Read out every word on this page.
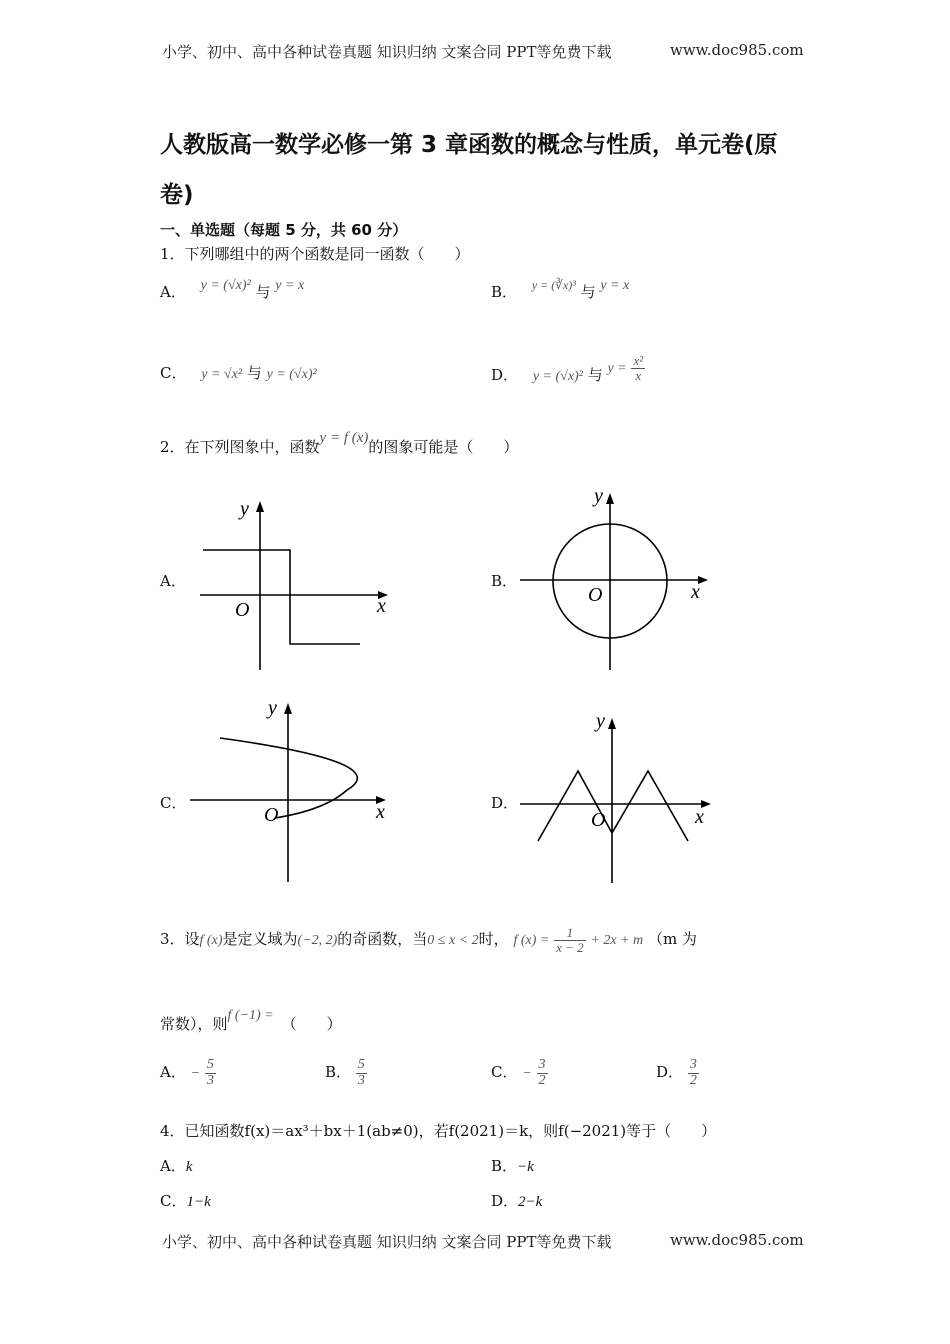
小学、初中、高中各种试卷真题 知识归纳 文案合同 PPT等免费下载	www.doc985.com
人教版高一数学必修一第 3 章函数的概念与性质，单元卷(原
卷)
一、单选题（每题 5 分，共 60 分）
1．下列哪组中的两个函数是同一函数（　　）
A． y = (√x)² 与 y = x	B． $^{y = (∛x)^3}$ 与 y = x
C． y = √x² 与 y = (√x)²	D． y = (√x)² 与 $y = \frac{\text{x²}}{x}$
2．在下列图象中，函数y = f (x)的图象可能是（　　）
A．
y
O	x
B．
y
O	x
C．
y
O	x	D．
y
O	x
3．设f (x)是定义域为(−2, 2)的奇函数，当0 ≤ x < 2时， f $(x) = \frac{1}{x - 2} + 2x + m$ （m 为
常数），则f (−1) = （　　）
A． − $\frac{5}{3}$	B． $\frac{5}{3}$	C． − $\frac{3}{2}$	D． $\frac{3}{2}$
4．已知函数f(x)＝ax³＋bx＋1(ab≠0)，若f(2021)＝k，则f(−2021)等于（　　）
A．k	B．−k
C．1−k	D．2−k
小学、初中、高中各种试卷真题 知识归纳 文案合同 PPT等免费下载	www.doc985.com
